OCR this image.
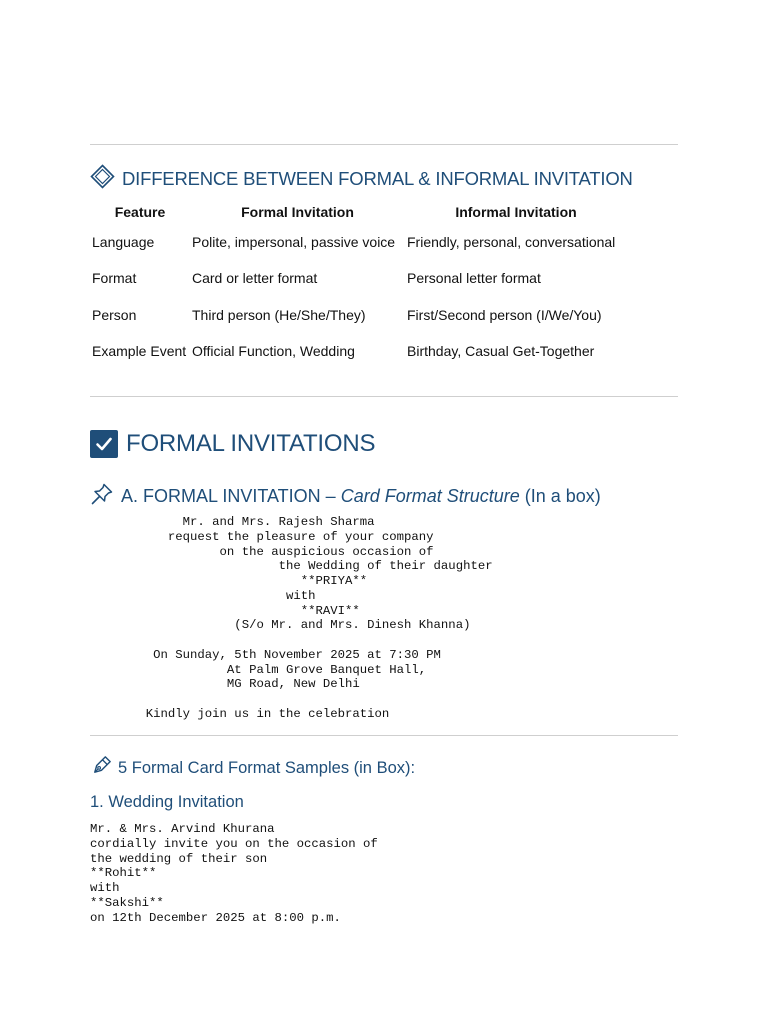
DIFFERENCE BETWEEN FORMAL & INFORMAL INVITATION
Feature	Formal Invitation	Informal Invitation
Language	Polite, impersonal, passive voice	Friendly, personal, conversational
Format	Card or letter format	Personal letter format
Person	Third person (He/She/They)	First/Second person (I/We/You)
Example Event	Official Function, Wedding	Birthday, Casual Get-Together
FORMAL INVITATIONS
A. FORMAL INVITATION – Card Format Structure (In a box)
Mr. and Mrs. Rajesh Sharma
request the pleasure of your company
on the auspicious occasion of
the Wedding of their daughter
**PRIYA**
with
**RAVI**
(S/o Mr. and Mrs. Dinesh Khanna)

On Sunday, 5th November 2025 at 7:30 PM
At Palm Grove Banquet Hall,
MG Road, New Delhi

Kindly join us in the celebration
5 Formal Card Format Samples (in Box):
1. Wedding Invitation
Mr. & Mrs. Arvind Khurana
cordially invite you on the occasion of
the wedding of their son
**Rohit**
with
**Sakshi**
on 12th December 2025 at 8:00 p.m.
